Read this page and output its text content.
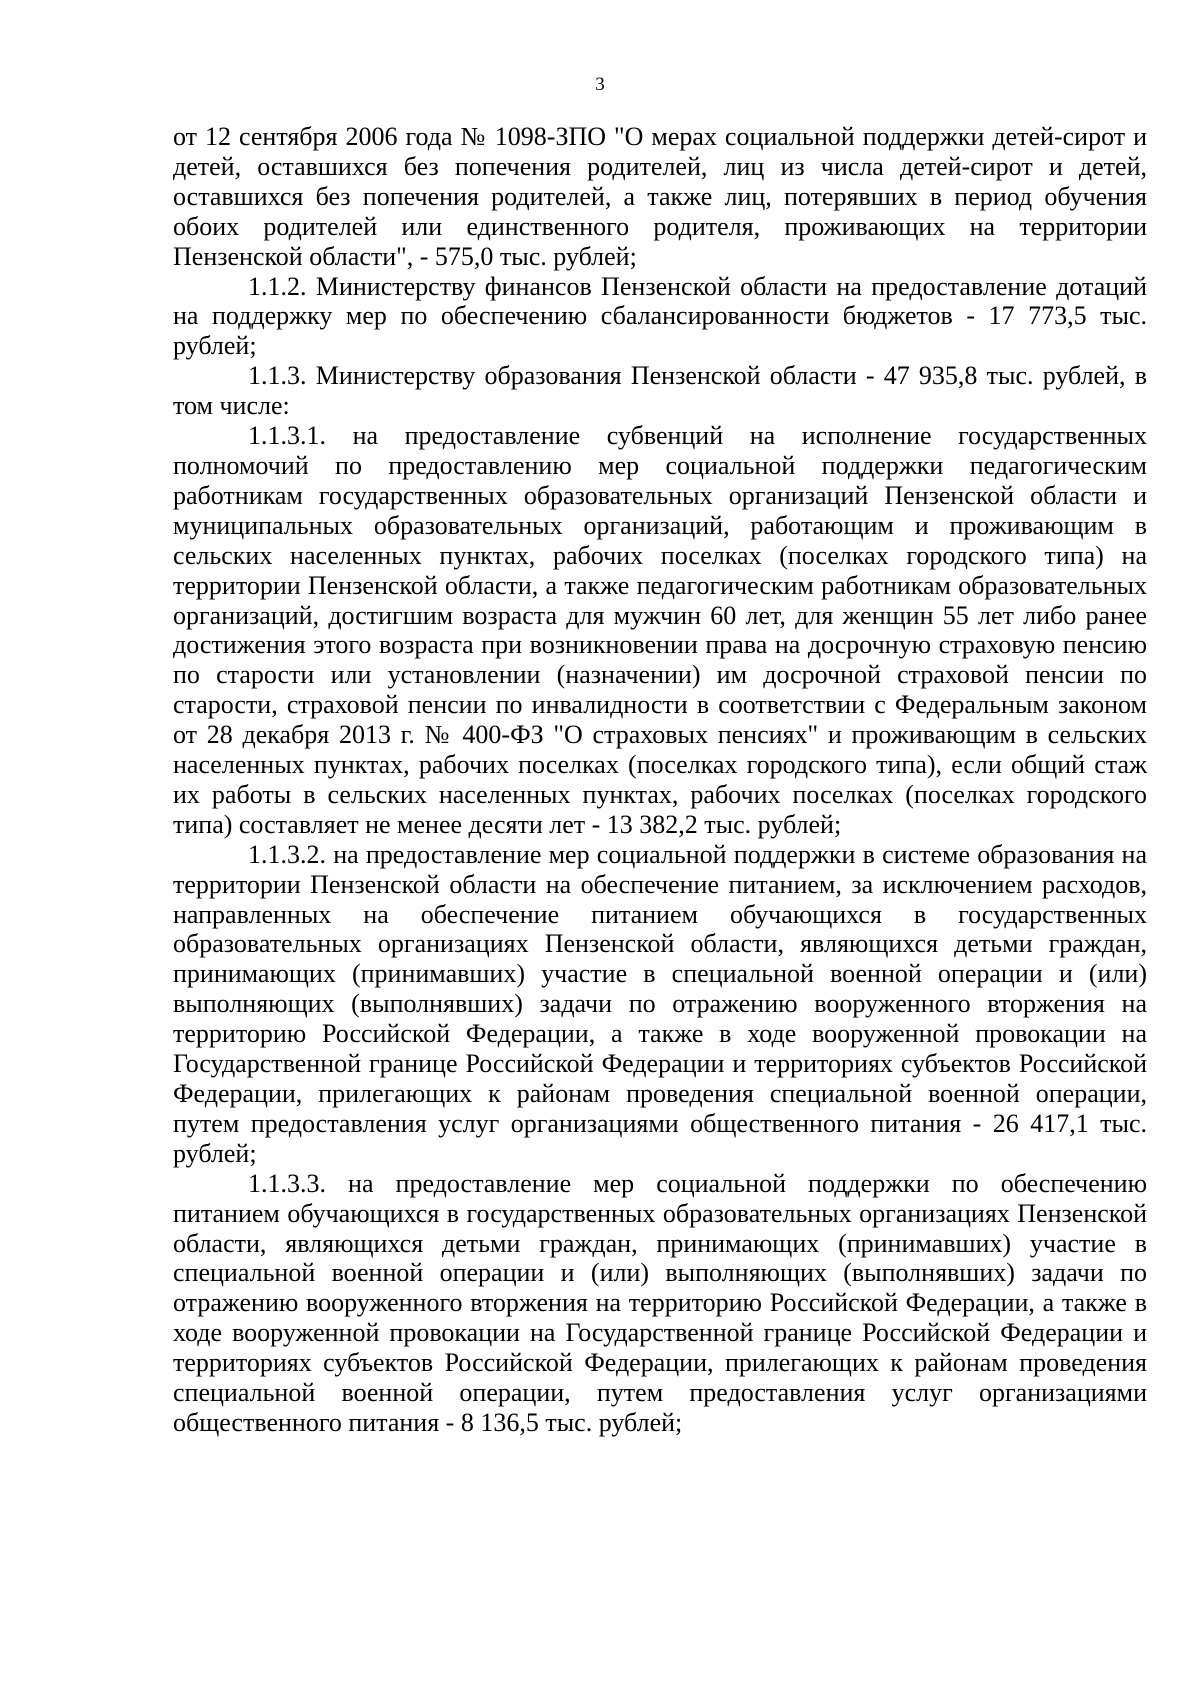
3

от 12 сентября 2006 года № 1098-ЗПО "О мерах социальной поддержки детей-сирот и детей, оставшихся без попечения родителей, лиц из числа детей-сирот и детей, оставшихся без попечения родителей, а также лиц, потерявших в период обучения обоих родителей или единственного родителя, проживающих на территории Пензенской области", - 575,0 тыс. рублей;

1.1.2. Министерству финансов Пензенской области на предоставление дотаций на поддержку мер по обеспечению сбалансированности бюджетов - 17 773,5 тыс. рублей;

1.1.3. Министерству образования Пензенской области - 47 935,8 тыс. рублей, в том числе:

1.1.3.1. на предоставление субвенций на исполнение государственных полномочий по предоставлению мер социальной поддержки педагогическим работникам государственных образовательных организаций Пензенской области и муниципальных образовательных организаций, работающим и проживающим в сельских населенных пунктах, рабочих поселках (поселках городского типа) на территории Пензенской области, а также педагогическим работникам образовательных организаций, достигшим возраста для мужчин 60 лет, для женщин 55 лет либо ранее достижения этого возраста при возникновении права на досрочную страховую пенсию по старости или установлении (назначении) им досрочной страховой пенсии по старости, страховой пенсии по инвалидности в соответствии с Федеральным законом от 28 декабря 2013 г. № 400-ФЗ "О страховых пенсиях" и проживающим в сельских населенных пунктах, рабочих поселках (поселках городского типа), если общий стаж их работы в сельских населенных пунктах, рабочих поселках (поселках городского типа) составляет не менее десяти лет - 13 382,2 тыс. рублей;

1.1.3.2. на предоставление мер социальной поддержки в системе образования на территории Пензенской области на обеспечение питанием, за исключением расходов, направленных на обеспечение питанием обучающихся в государственных образовательных организациях Пензенской области, являющихся детьми граждан, принимающих (принимавших) участие в специальной военной операции и (или) выполняющих (выполнявших) задачи по отражению вооруженного вторжения на территорию Российской Федерации, а также в ходе вооруженной провокации на Государственной границе Российской Федерации и территориях субъектов Российской Федерации, прилегающих к районам проведения специальной военной операции, путем предоставления услуг организациями общественного питания - 26 417,1 тыс. рублей;

1.1.3.3. на предоставление мер социальной поддержки по обеспечению питанием обучающихся в государственных образовательных организациях Пензенской области, являющихся детьми граждан, принимающих (принимавших) участие в специальной военной операции и (или) выполняющих (выполнявших) задачи по отражению вооруженного вторжения на территорию Российской Федерации, а также в ходе вооруженной провокации на Государственной границе Российской Федерации и территориях субъектов Российской Федерации, прилегающих к районам проведения специальной военной операции, путем предоставления услуг организациями общественного питания - 8 136,5 тыс. рублей;
